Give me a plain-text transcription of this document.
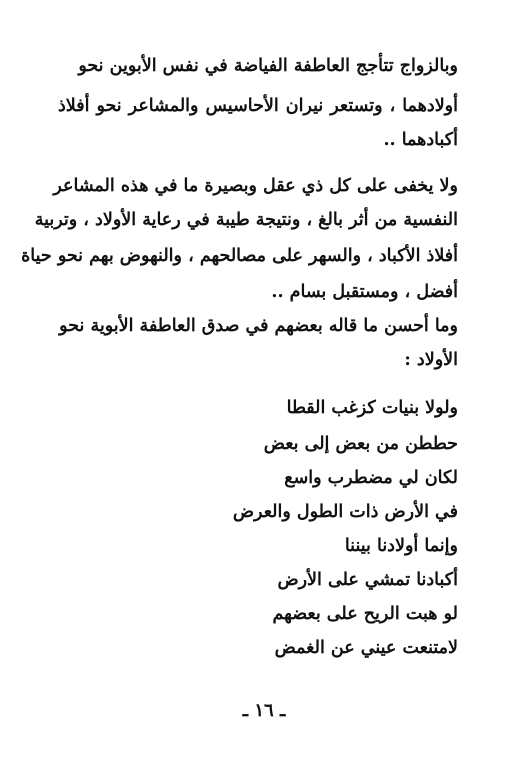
وبالزواج تتأجج العاطفة الفياضة في نفس الأبوين نحو
أولادهما ، وتستعر نيران الأحاسيس والمشاعر نحو أفلاذ
أكبادهما ..
ولا يخفى على كل ذي عقل وبصيرة ما في هذه المشاعر
النفسية من أثر بالغ ، ونتيجة طيبة في رعاية الأولاد ، وتربية
أفلاذ الأكباد ، والسهر على مصالحهم ، والنهوض بهم نحو حياة
أفضل ، ومستقبل بسام ..
وما أحسن ما قاله بعضهم في صدق العاطفة الأبوية نحو
الأولاد :
ولولا بنيات كزغب القطا
حططن من بعض إلى بعض
لكان لي مضطرب واسع
في الأرض ذات الطول والعرض
وإنما أولادنا بيننا
أكبادنا تمشي على الأرض
لو هبت الريح على بعضهم
لامتنعت عيني عن الغمض
ـ ١٦ ـ
